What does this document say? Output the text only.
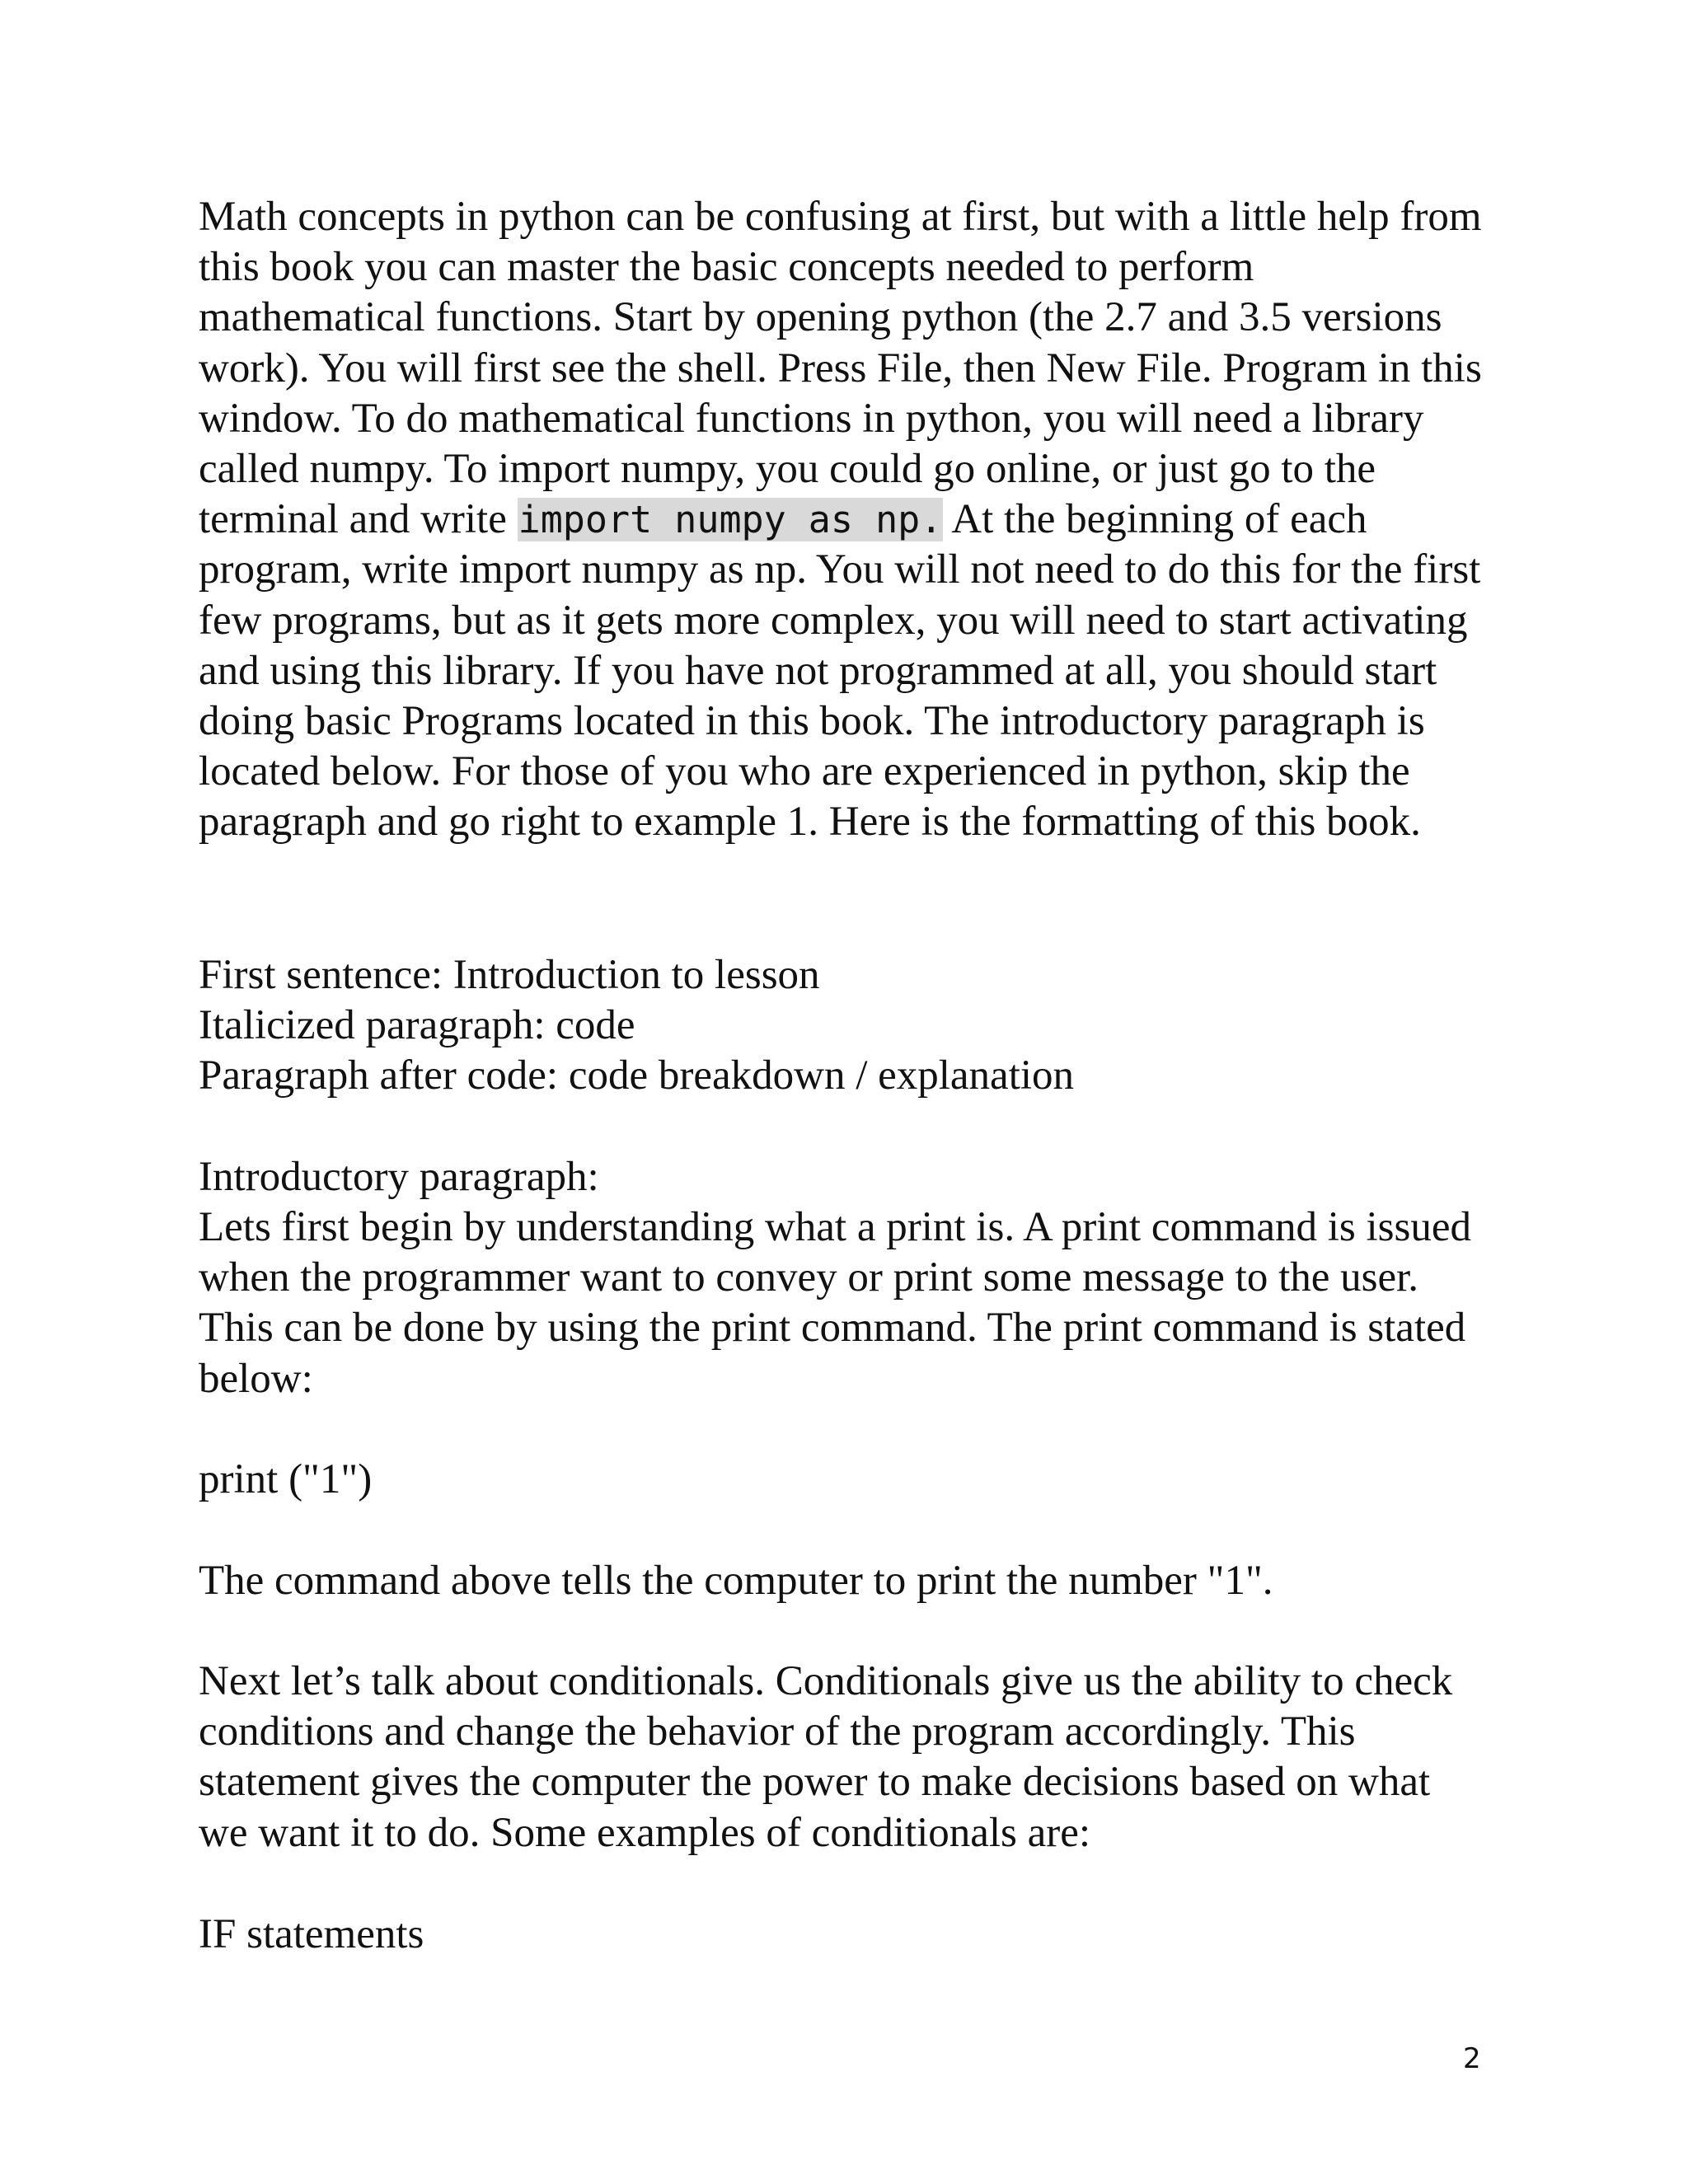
Math concepts in python can be confusing at first, but with a little help from this book you can master the basic concepts needed to perform mathematical functions. Start by opening python (the 2.7 and 3.5 versions work). You will first see the shell. Press File, then New File. Program in this window. To do mathematical functions in python, you will need a library called numpy. To import numpy, you could go online, or just go to the terminal and write import numpy as np. At the beginning of each program, write import numpy as np. You will not need to do this for the first few programs, but as it gets more complex, you will need to start activating and using this library. If you have not programmed at all, you should start doing basic Programs located in this book. The introductory paragraph is located below. For those of you who are experienced in python, skip the paragraph and go right to example 1. Here is the formatting of this book.

First sentence: Introduction to lesson
Italicized paragraph: code
Paragraph after code: code breakdown / explanation
Introductory paragraph:

Lets first begin by understanding what a print is. A print command is issued when the programmer want to convey or print some message to the user. This can be done by using the print command. The print command is stated below:

print ("1")

The command above tells the computer to print the number "1".

Next let’s talk about conditionals. Conditionals give us the ability to check conditions and change the behavior of the program accordingly. This statement gives the computer the power to make decisions based on what we want it to do. Some examples of conditionals are:

IF statements
2
